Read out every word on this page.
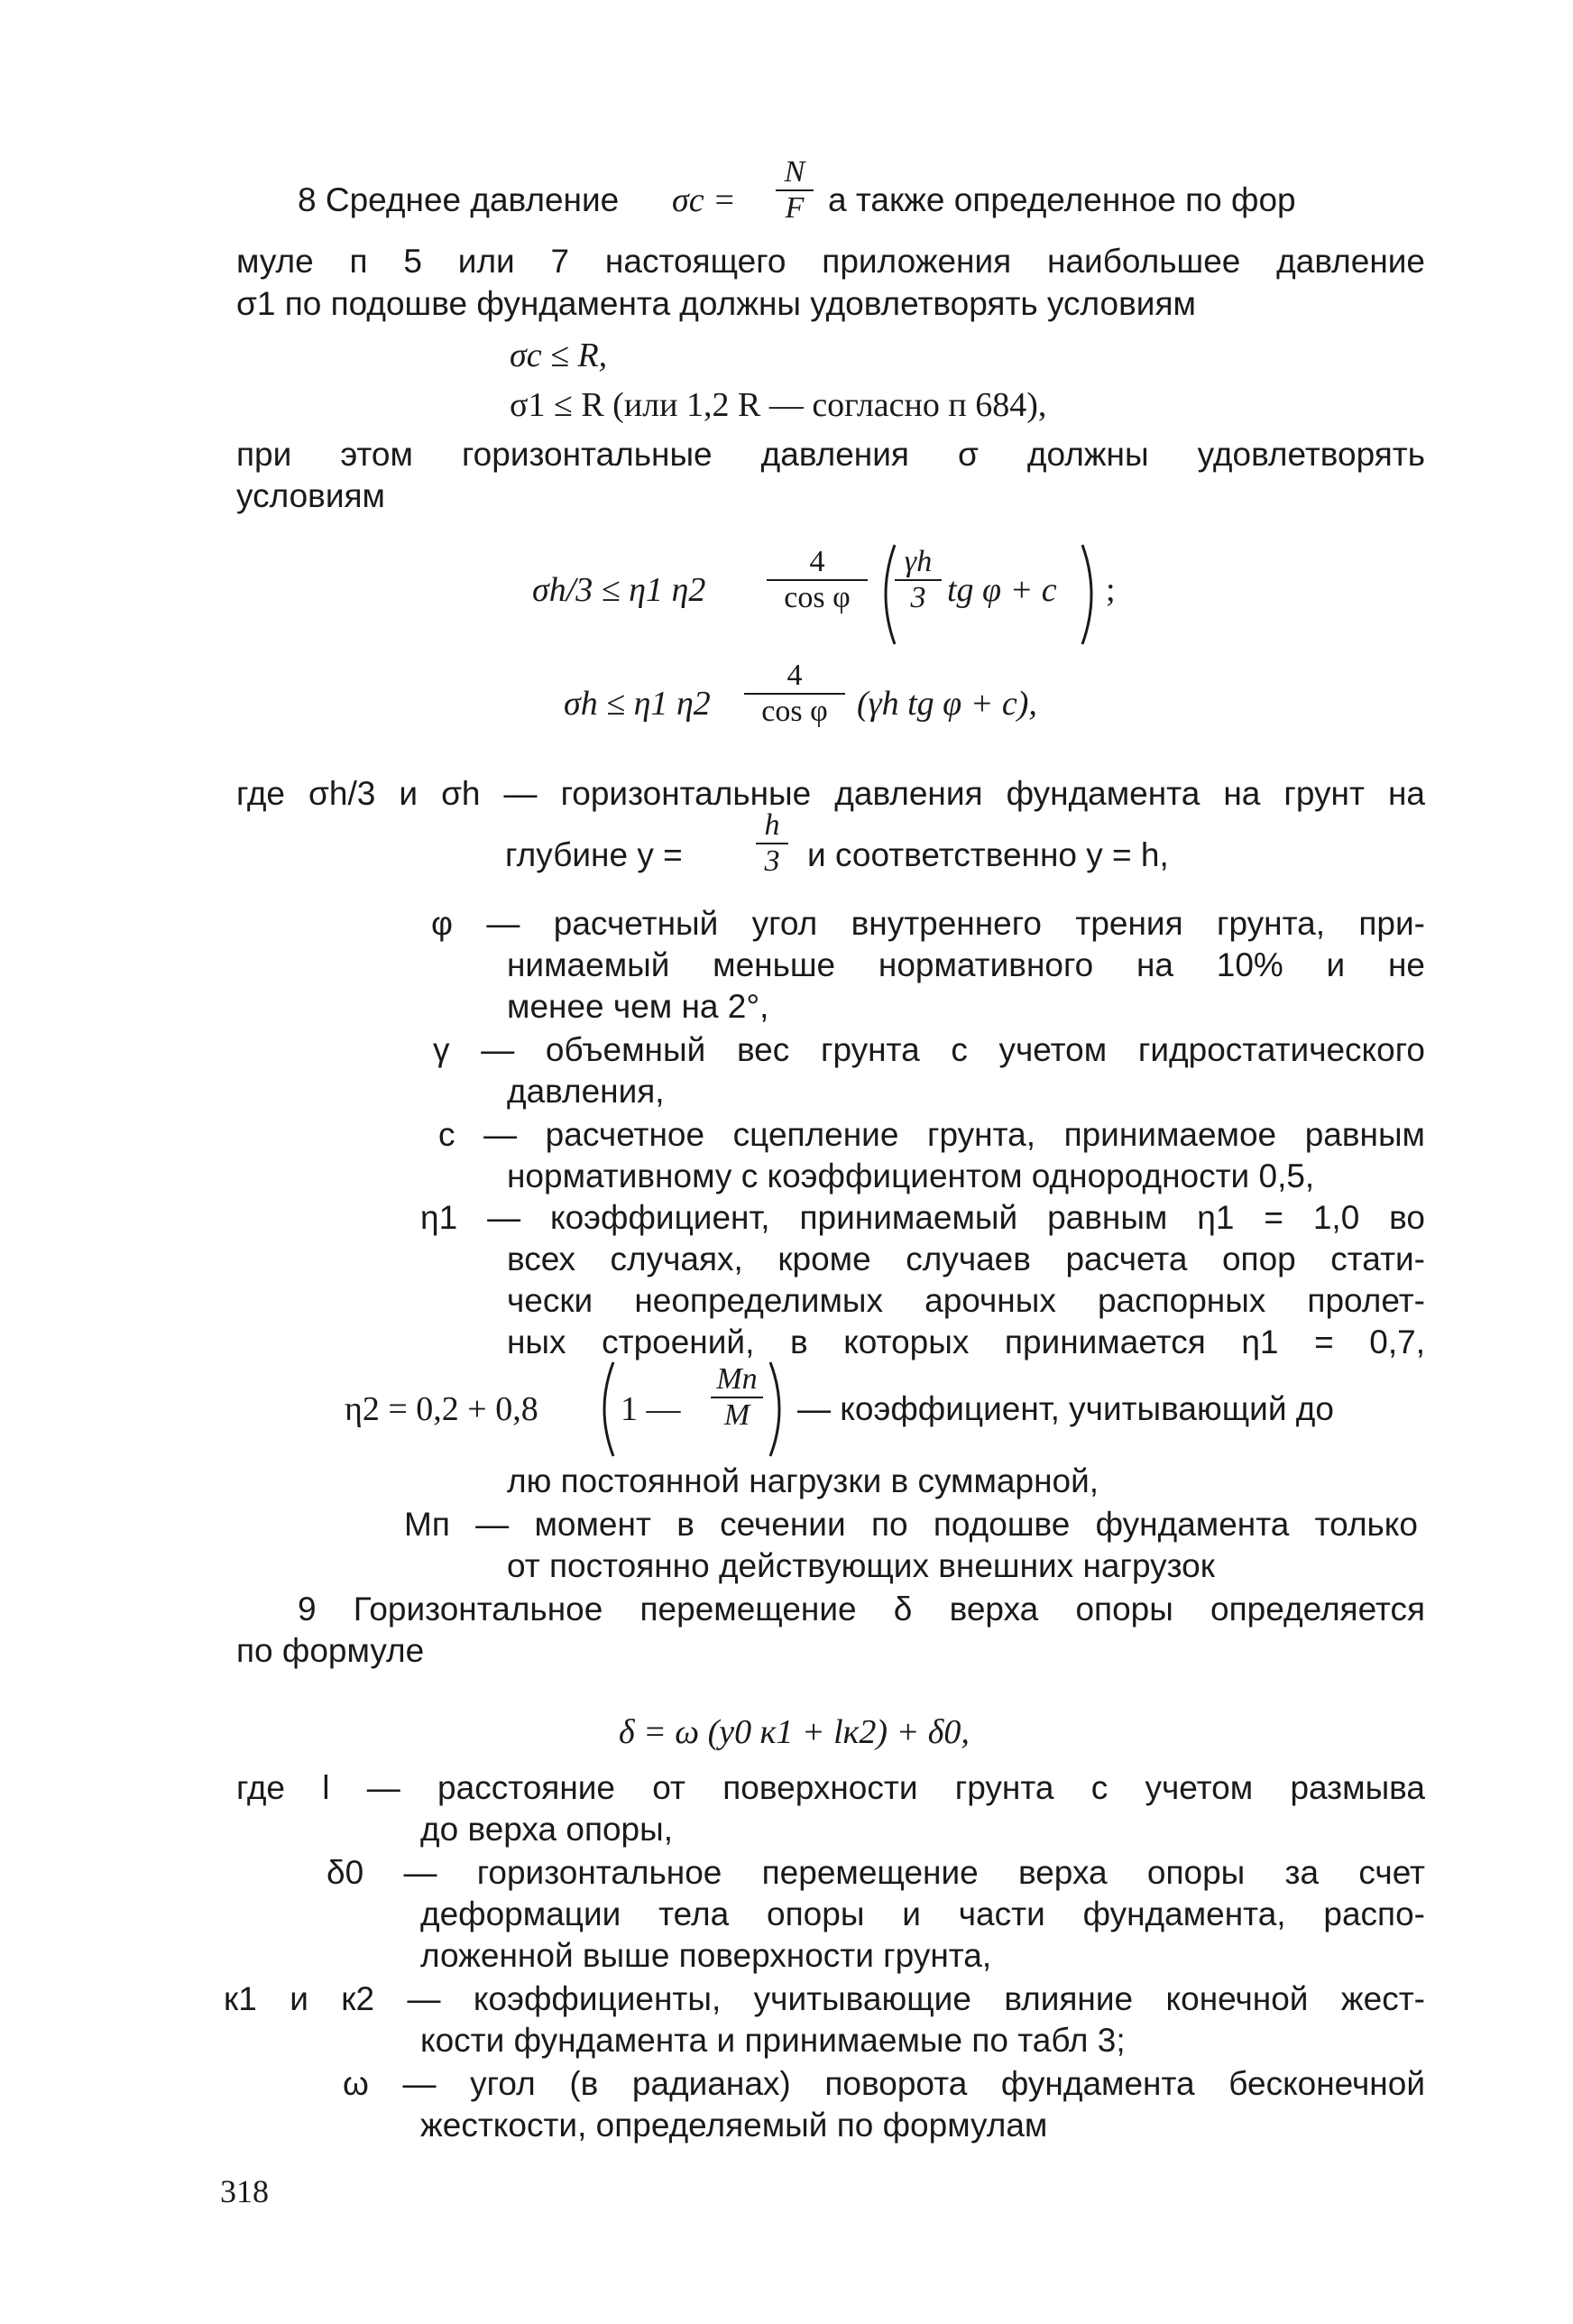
8 Среднее давление σc =
N
F а также определенное по фор
муле п 5 или 7 настоящего приложения наибольшее давление
σ1 по подошве фундамента должны удовлетворять условиям
σc ≤ R,
σ1 ≤ R (или 1,2 R — согласно п 684),
при этом горизонтальные давления σ должны удовлетворять
условиям
σh/3 ≤ η1 η2
4
cos φ
γh
3 tg φ + c ;
σh ≤ η1 η2
4
cos φ (γh tg φ + c),
где σh/3 и σh — горизонтальные давления фундамента на грунт на
глубине y =
h
3 и соответственно y = h,
φ — расчетный угол внутреннего трения грунта, при-
нимаемый меньше нормативного на 10% и не
менее чем на 2°,
γ — объемный вес грунта с учетом гидростатического
давления,
c — расчетное сцепление грунта, принимаемое равным
нормативному с коэффициентом однородности 0,5,
η1 — коэффициент, принимаемый равным η1 = 1,0 во
всех случаях, кроме случаев расчета опор стати-
чески неопределимых арочных распорных пролет-
ных строений, в которых принимается η1 = 0,7,
η2 = 0,2 + 0,8 1 —
Mп
M — коэффициент, учитывающий до
лю постоянной нагрузки в суммарной,
Mп — момент в сечении по подошве фундамента только
от постоянно действующих внешних нагрузок
9 Горизонтальное перемещение δ верха опоры определяется
по формуле
δ = ω (y0 к1 + lк2) + δ0,
где l — расстояние от поверхности грунта с учетом размыва
до верха опоры,
δ0 — горизонтальное перемещение верха опоры за счет
деформации тела опоры и части фундамента, распо-
ложенной выше поверхности грунта,
к1 и к2 — коэффициенты, учитывающие влияние конечной жест-
кости фундамента и принимаемые по табл 3;
ω — угол (в радианах) поворота фундамента бесконечной
жесткости, определяемый по формулам
318
